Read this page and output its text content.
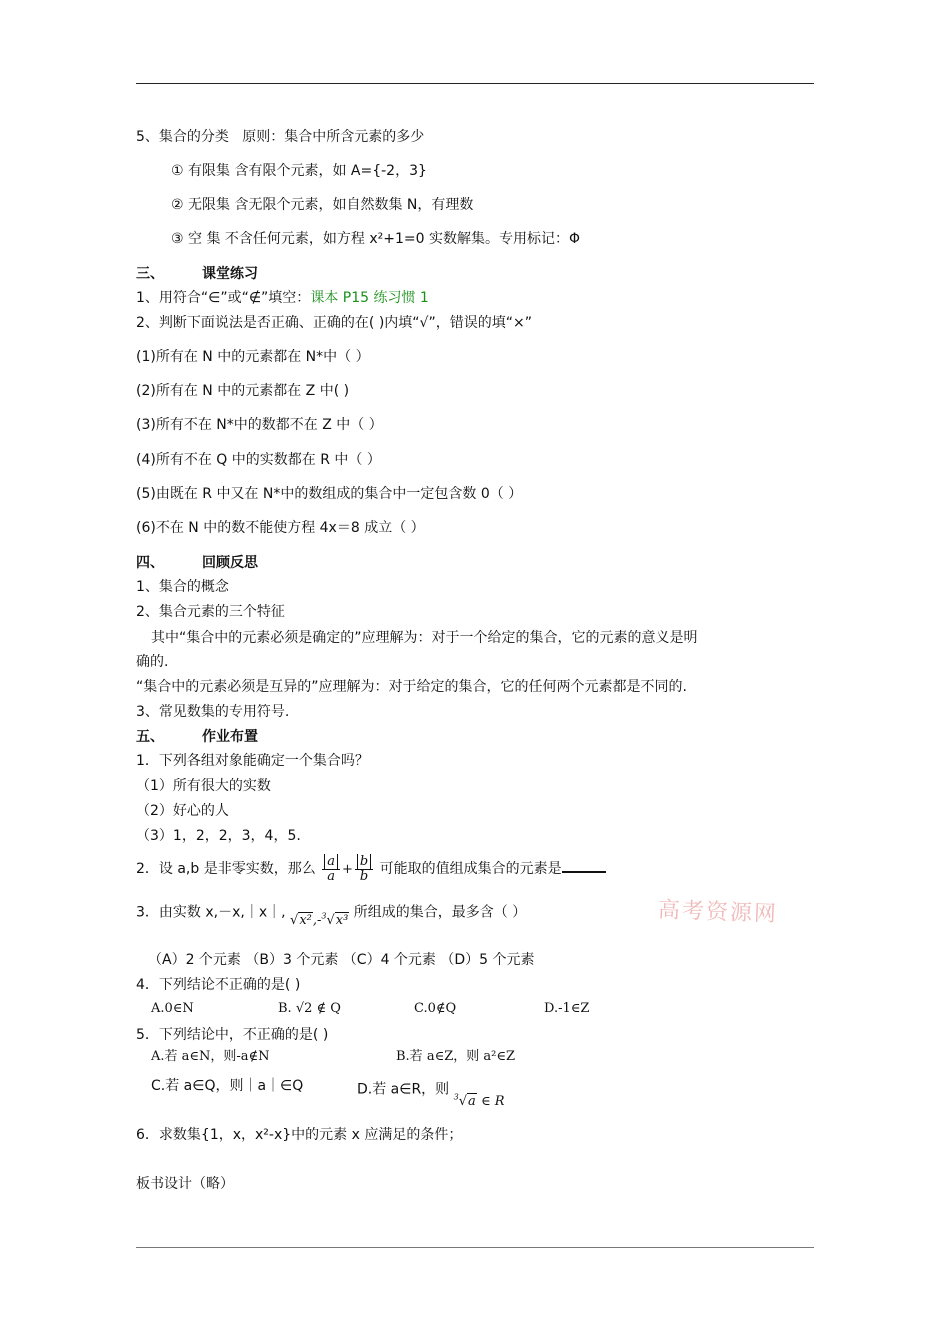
5、集合的分类 原则：集合中所含元素的多少
① 有限集 含有限个元素，如 A={-2，3}
② 无限集 含无限个元素，如自然数集 N，有理数
③ 空 集 不含任何元素，如方程 x²+1=0 实数解集。专用标记：Φ
三、	课堂练习
1、用符合“∈”或“∉”填空：课本 P15 练习惯 1
2、判断下面说法是否正确、正确的在( )内填“√”，错误的填“×”
(1)所有在 N 中的元素都在 N*中（ ）
(2)所有在 N 中的元素都在 Z 中( )
(3)所有不在 N*中的数都不在 Z 中（ ）
(4)所有不在 Q 中的实数都在 R 中（ ）
(5)由既在 R 中又在 N*中的数组成的集合中一定包含数 0（ ）
(6)不在 N 中的数不能使方程 4x＝8 成立（ ）
四、	回顾反思
1、集合的概念
2、集合元素的三个特征
其中“集合中的元素必须是确定的”应理解为：对于一个给定的集合，它的元素的意义是明
确的.
“集合中的元素必须是互异的”应理解为：对于给定的集合，它的任何两个元素都是不同的.
3、常见数集的专用符号.
五、	作业布置
1．下列各组对象能确定一个集合吗？
（1）所有很大的实数
（2）好心的人
（3）1，2，2，3，4，5.
2．设 a,b 是非零实数，那么 $\frac{a}{a} + \frac{b}{b}$ 可能取的值组成集合的元素是
3．由实数 x,－x,｜x｜, √x²,-$^3$√x³ 所组成的集合，最多含（ ）	高考资源网
（A）2 个元素 （B）3 个元素 （C）4 个元素 （D）5 个元素
4．下列结论不正确的是( )
A.0∈N	B. √2 ∉ Q	C.0∉Q	D.-1∈Z
5．下列结论中，不正确的是( )
A.若 a∈N，则-a∉N	B.若 a∈Z，则 a²∈Z
C.若 a∈Q，则｜a｜∈Q	D.若 a∈R，则 $^3$√a ∈ R
6．求数集{1，x，x²-x}中的元素 x 应满足的条件；
板书设计（略）
